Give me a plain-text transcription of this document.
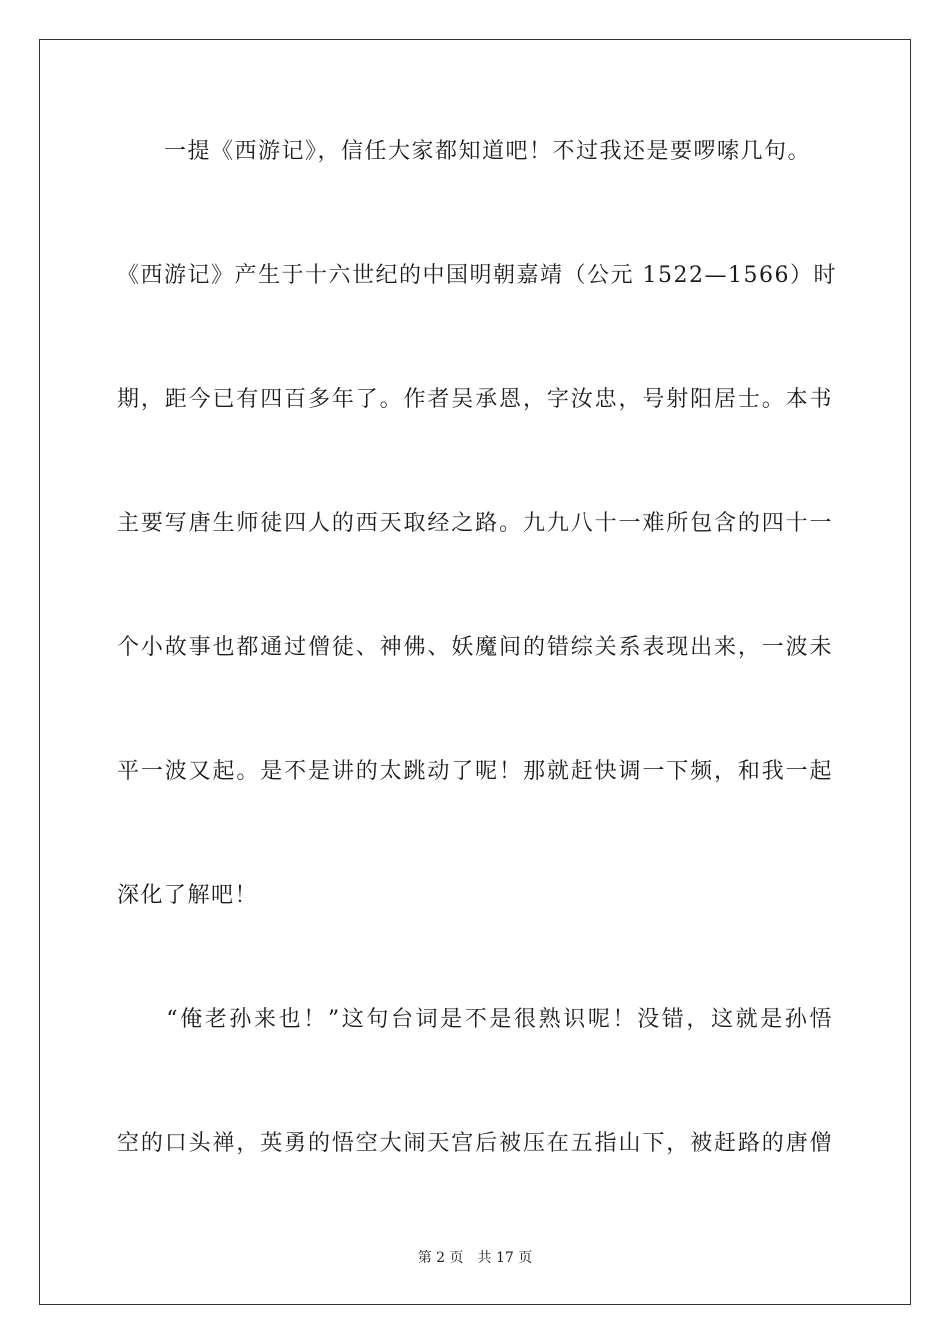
　　一提《西游记》，信任大家都知道吧！不过我还是要啰嗦几句。
《西游记》产生于十六世纪的中国明朝嘉靖（公元 1522—1566）时
期，距今已有四百多年了。作者吴承恩，字汝忠，号射阳居士。本书
主要写唐生师徒四人的西天取经之路。九九八十一难所包含的四十一
个小故事也都通过僧徒、神佛、妖魔间的错综关系表现出来，一波未
平一波又起。是不是讲的太跳动了呢！那就赶快调一下频，和我一起
深化了解吧！
　　“俺老孙来也！”这句台词是不是很熟识呢！没错，这就是孙悟
空的口头禅，英勇的悟空大闹天宫后被压在五指山下，被赶路的唐僧
第 2 页 共 17 页
